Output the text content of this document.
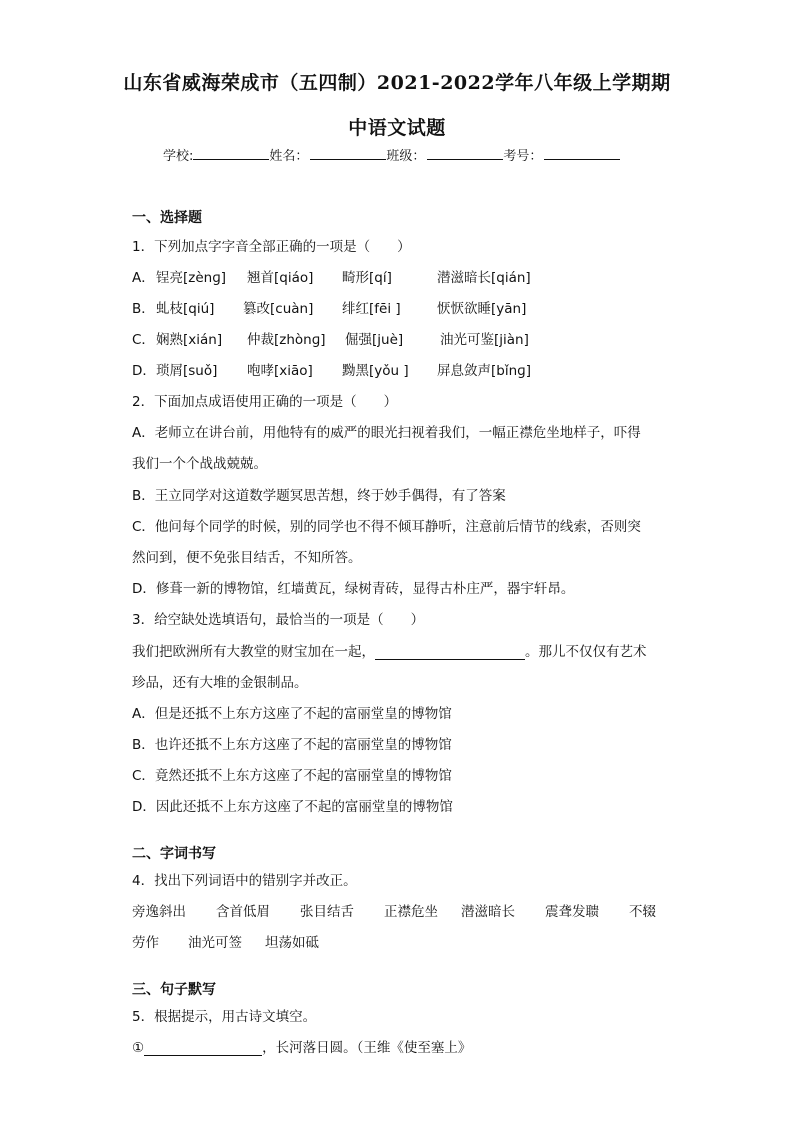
山东省威海荣成市（五四制）2021-2022学年八年级上学期期
中语文试题
学校:	姓名：	班级：	考号：
一、选择题
1．下列加点字字音全部正确的一项是（　　）
A． 锃亮[zènɡ] 翘首[qiáo] 畸形[qí]	潜滋暗长[qián]
B． 虬枝[qiú] 篡改[cuàn] 绯红[fēi ]	恹恹欲睡[yān]
C． 娴熟[xián] 仲裁[zhònɡ] 倔强[juè]	油光可鉴[jiàn]
D． 琐屑[suǒ] 咆哮[xiāo] 黝黑[yǒu ] 屏息敛声[bǐnɡ]
2．下面加点成语使用正确的一项是（　　）
A．老师立在讲台前，用他特有的威严的眼光扫视着我们，一幅正襟危坐地样子，吓得
我们一个个战战兢兢。
B．王立同学对这道数学题冥思苦想，终于妙手偶得，有了答案
C．他问每个同学的时候，别的同学也不得不倾耳静听，注意前后情节的线索，否则突
然问到，便不免张目结舌，不知所答。
D．修葺一新的博物馆，红墙黄瓦，绿树青砖，显得古朴庄严，器宇轩昂。
3．给空缺处选填语句，最恰当的一项是（　　）
我们把欧洲所有大教堂的财宝加在一起，	。那儿不仅仅有艺术
珍品，还有大堆的金银制品。
A．但是还抵不上东方这座了不起的富丽堂皇的博物馆
B．也许还抵不上东方这座了不起的富丽堂皇的博物馆
C．竟然还抵不上东方这座了不起的富丽堂皇的博物馆
D．因此还抵不上东方这座了不起的富丽堂皇的博物馆
二、字词书写
4．找出下列词语中的错别字并改正。
旁逸斜出 含首低眉 张目结舌 正襟危坐 潜滋暗长 震聋发聩 不辍
劳作 油光可签 坦荡如砥
三、句子默写
5．根据提示，用古诗文填空。
①	，长河落日圆。（王维《使至塞上》
